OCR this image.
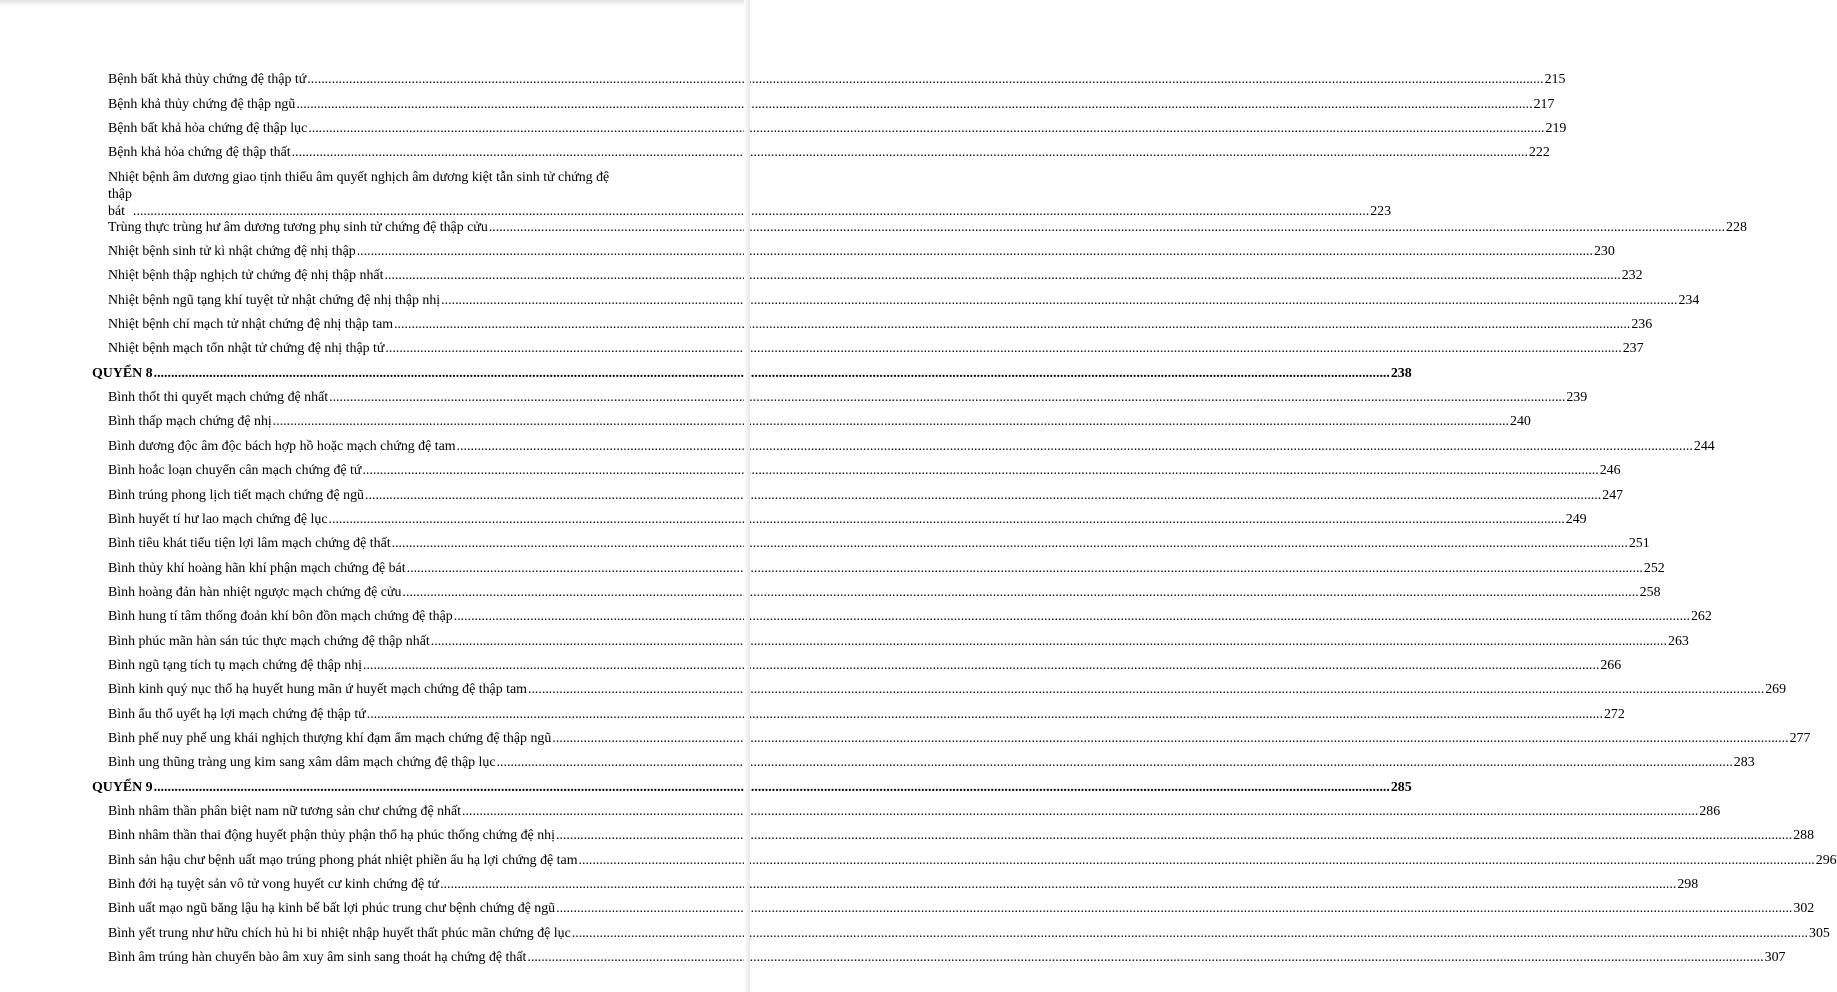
Bệnh bất khả thủy chứng đệ thập tứ .....	215
Bệnh khả thủy chứng đệ thập ngũ .....	217
Bệnh bất khả hỏa chứng đệ thập lục .....	219
Bệnh khả hỏa chứng đệ thập thất .....	222
Nhiệt bệnh âm dương giao tịnh thiểu âm quyết nghịch âm dương kiệt tẫn sinh tử chứng đệ
thập bát .....	223
Trùng thực trùng hư âm dương tương phụ sinh tử chứng đệ thập cửu .....	228
Nhiệt bệnh sinh tử kì nhật chứng đệ nhị thập .....	230
Nhiệt bệnh thập nghịch tử chứng đệ nhị thập nhất .....	232
Nhiệt bệnh ngũ tạng khí tuyệt tử nhật chứng đệ nhị thập nhị .....	234
Nhiệt bệnh chí mạch tử nhật chứng đệ nhị thập tam .....	236
Nhiệt bệnh mạch tổn nhật tử chứng đệ nhị thập tứ .....	237
QUYỂN 8 .....	238
Bình thốt thi quyết mạch chứng đệ nhất .....	239
Bình thấp mạch chứng đệ nhị .....	240
Bình dương độc âm độc bách hợp hồ hoặc mạch chứng đệ tam .....	244
Bình hoắc loạn chuyển cân mạch chứng đệ tứ .....	246
Bình trúng phong lịch tiết mạch chứng đệ ngũ .....	247
Bình huyết tí hư lao mạch chứng đệ lục .....	249
Bình tiêu khát tiểu tiện lợi lâm mạch chứng đệ thất .....	251
Bình thủy khí hoàng hãn khí phận mạch chứng đệ bát .....	252
Bình hoàng đản hàn nhiệt ngược mạch chứng đệ cửu .....	258
Bình hung tí tâm thống đoản khí bôn đồn mạch chứng đệ thập .....	262
Bình phúc mãn hàn sán túc thực mạch chứng đệ thập nhất .....	263
Bình ngũ tạng tích tụ mạch chứng đệ thập nhị .....	266
Bình kinh quý nục thổ hạ huyết hung mãn ứ huyết mạch chứng đệ thập tam .....	269
Bình ẩu thổ uyết hạ lợi mạch chứng đệ thập tứ .....	272
Bình phế nuy phế ung khái nghịch thượng khí đạm ẩm mạch chứng đệ thập ngũ .....	277
Bình ung thũng tràng ung kim sang xâm dâm mạch chứng đệ thập lục .....	283
QUYỂN 9 .....	285
Bình nhâm thần phân biệt nam nữ tương sản chư chứng đệ nhất .....	286
Bình nhâm thần thai động huyết phận thủy phận thổ hạ phúc thống chứng đệ nhị .....	288
Bình sản hậu chư bệnh uất mạo trúng phong phát nhiệt phiền ẩu hạ lợi chứng đệ tam .....	296
Bình đới hạ tuyệt sản vô tử vong huyết cư kinh chứng đệ tứ .....	298
Bình uất mạo ngũ băng lậu hạ kinh bế bất lợi phúc trung chư bệnh chứng đệ ngũ .....	302
Bình yết trung như hữu chích hủ hi bi nhiệt nhập huyết thất phúc mãn chứng đệ lục .....	305
Bình âm trúng hàn chuyển bào âm xuy âm sinh sang thoát hạ chứng đệ thất .....	307
